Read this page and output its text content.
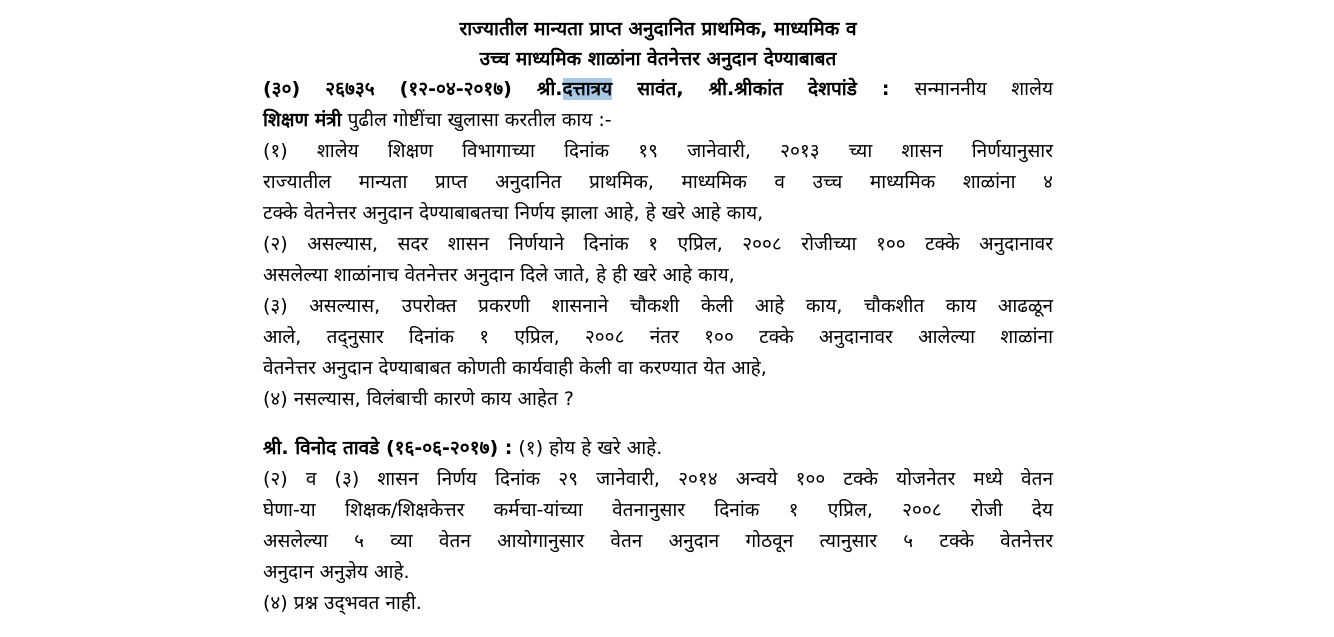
राज्यातील मान्यता प्राप्त अनुदानित प्राथमिक, माध्यमिक व
उच्च माध्यमिक शाळांना वेतनेत्तर अनुदान देण्याबाबत
(३०) २६७३५ (१२-०४-२०१७) श्री.दत्तात्रय सावंत, श्री.श्रीकांत देशपांडे : सन्माननीय शालेय
शिक्षण मंत्री पुढील गोष्टींचा खुलासा करतील काय :-
(१) शालेय शिक्षण विभागाच्या दिनांक १९ जानेवारी, २०१३ च्या शासन निर्णयानुसार
राज्यातील मान्यता प्राप्त अनुदानित प्राथमिक, माध्यमिक व उच्च माध्यमिक शाळांना ४
टक्के वेतनेत्तर अनुदान देण्याबाबतचा निर्णय झाला आहे, हे खरे आहे काय,
(२) असल्यास, सदर शासन निर्णयाने दिनांक १ एप्रिल, २००८ रोजीच्या १०० टक्के अनुदानावर
असलेल्या शाळांनाच वेतनेत्तर अनुदान दिले जाते, हे ही खरे आहे काय,
(३) असल्यास, उपरोक्त प्रकरणी शासनाने चौकशी केली आहे काय, चौकशीत काय आढळून
आले, तद्नुसार दिनांक १ एप्रिल, २००८ नंतर १०० टक्के अनुदानावर आलेल्या शाळांना
वेतनेत्तर अनुदान देण्याबाबत कोणती कार्यवाही केली वा करण्यात येत आहे,
(४) नसल्यास, विलंबाची कारणे काय आहेत ?
श्री. विनोद तावडे (१६-०६-२०१७) : (१) होय हे खरे आहे.
(२) व (३) शासन निर्णय दिनांक २९ जानेवारी, २०१४ अन्वये १०० टक्के योजनेतर मध्ये वेतन
घेणा-या शिक्षक/शिक्षकेत्तर कर्मचा-यांच्या वेतनानुसार दिनांक १ एप्रिल, २००८ रोजी देय
असलेल्या ५ व्या वेतन आयोगानुसार वेतन अनुदान गोठवून त्यानुसार ५ टक्के वेतनेत्तर
अनुदान अनुज्ञेय आहे.
(४) प्रश्न उद्‌भवत नाही.
